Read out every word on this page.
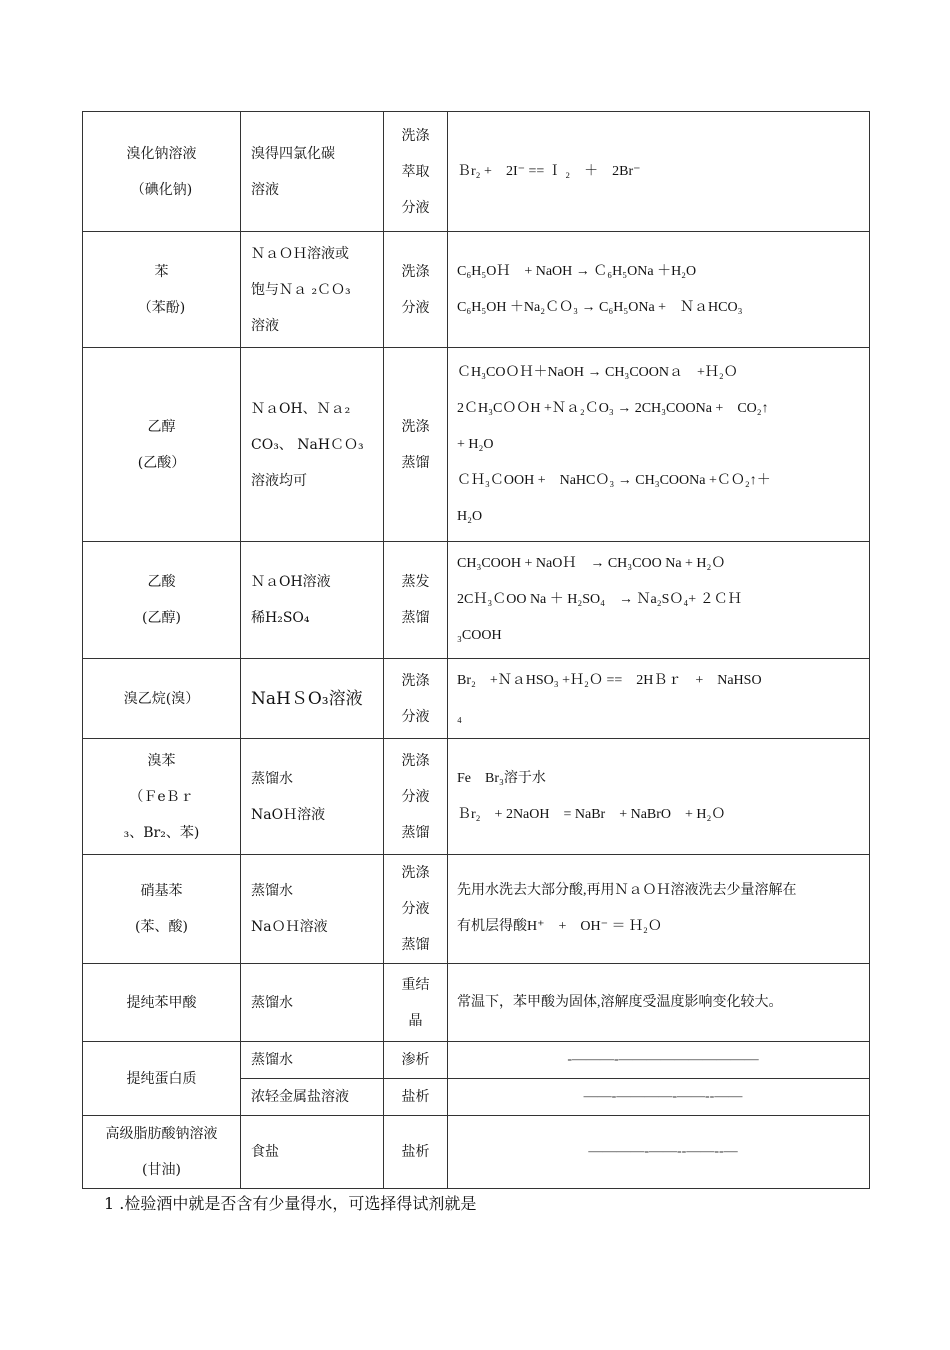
溴化钠溶液
（碘化钠)	溴得四氯化碳
溶液	洗涤
萃取
分液	Ｂr₂ +　2I⁻ == Ｉ ₂　＋　2Br⁻

苯
（苯酚)	ＮａＯＨ溶液或
饱与Ｎａ ₂ＣＯ₃
溶液	洗涤
分液	C₆H₅OＨ　+ NaOH → Ｃ₆H₅ONa ＋H₂O
C₆H₅OH ＋Na₂ＣＯ₃ → C₆H₅ONa +　ＮａHCO₃

乙醇
(乙酸）	ＮａOH、Ｎａ₂
CO₃、 NaHＣＯ₃
溶液均可	洗涤
蒸馏	ＣH₃COＯＨ＋NaOH → CH₃COONａ　+Ｈ₂Ｏ
2ＣH₃CＯＯH +Ｎａ₂ＣO₃ → 2CH₃COONa +　CO₂↑
+ H₂O
ＣＨ₃ＣOOH +　NaHCＯ₃ → CH₃COONa +ＣＯ₂↑＋
H₂O

乙酸
(乙醇)	ＮａOH溶液
稀H₂SO₄	蒸发
蒸馏	CH₃COOH + NaOＨ　→ CH₃COO Na + H₂Ｏ
2CＨ₃ＣOO Na ＋ H₂SO₄　→ Ｎa₂SＯ₄+ ２ＣＨ
₃COOH

溴乙烷(溴）	NaHＳO₃溶液	洗涤
分液	Br₂　+ＮａHSO₃ +Ｈ₂Ｏ ==　2HＢｒ　+　NaHSO
₄

溴苯
（ＦeＢｒ
₃、Br₂、苯)	蒸馏水
NaOＨ溶液	洗涤
分液
蒸馏	Fe　Br₃溶于水
Ｂr₂　+ 2NaOH　= NaBr　+ NaBrO　+ H₂Ｏ

硝基苯
(苯、酸)	蒸馏水
NaＯＨ溶液	洗涤
分液
蒸馏	先用水洗去大部分酸,再用ＮａＯＨ溶液洗去少量溶解在
有机层得酸H⁺　+　OH⁻ ＝ Ｈ₂Ｏ

提纯苯甲酸	蒸馏水	重结
晶	常温下，苯甲酸为固体,溶解度受温度影响变化较大。

提纯蛋白质	蒸馏水	渗析	-———-——————————

	浓轻金属盐溶液	盐析	——-————-——--——

高级脂肪酸钠溶液
(甘油)	食盐	盐析	————-——--——--—
1 .检验酒中就是否含有少量得水，可选择得试剂就是
